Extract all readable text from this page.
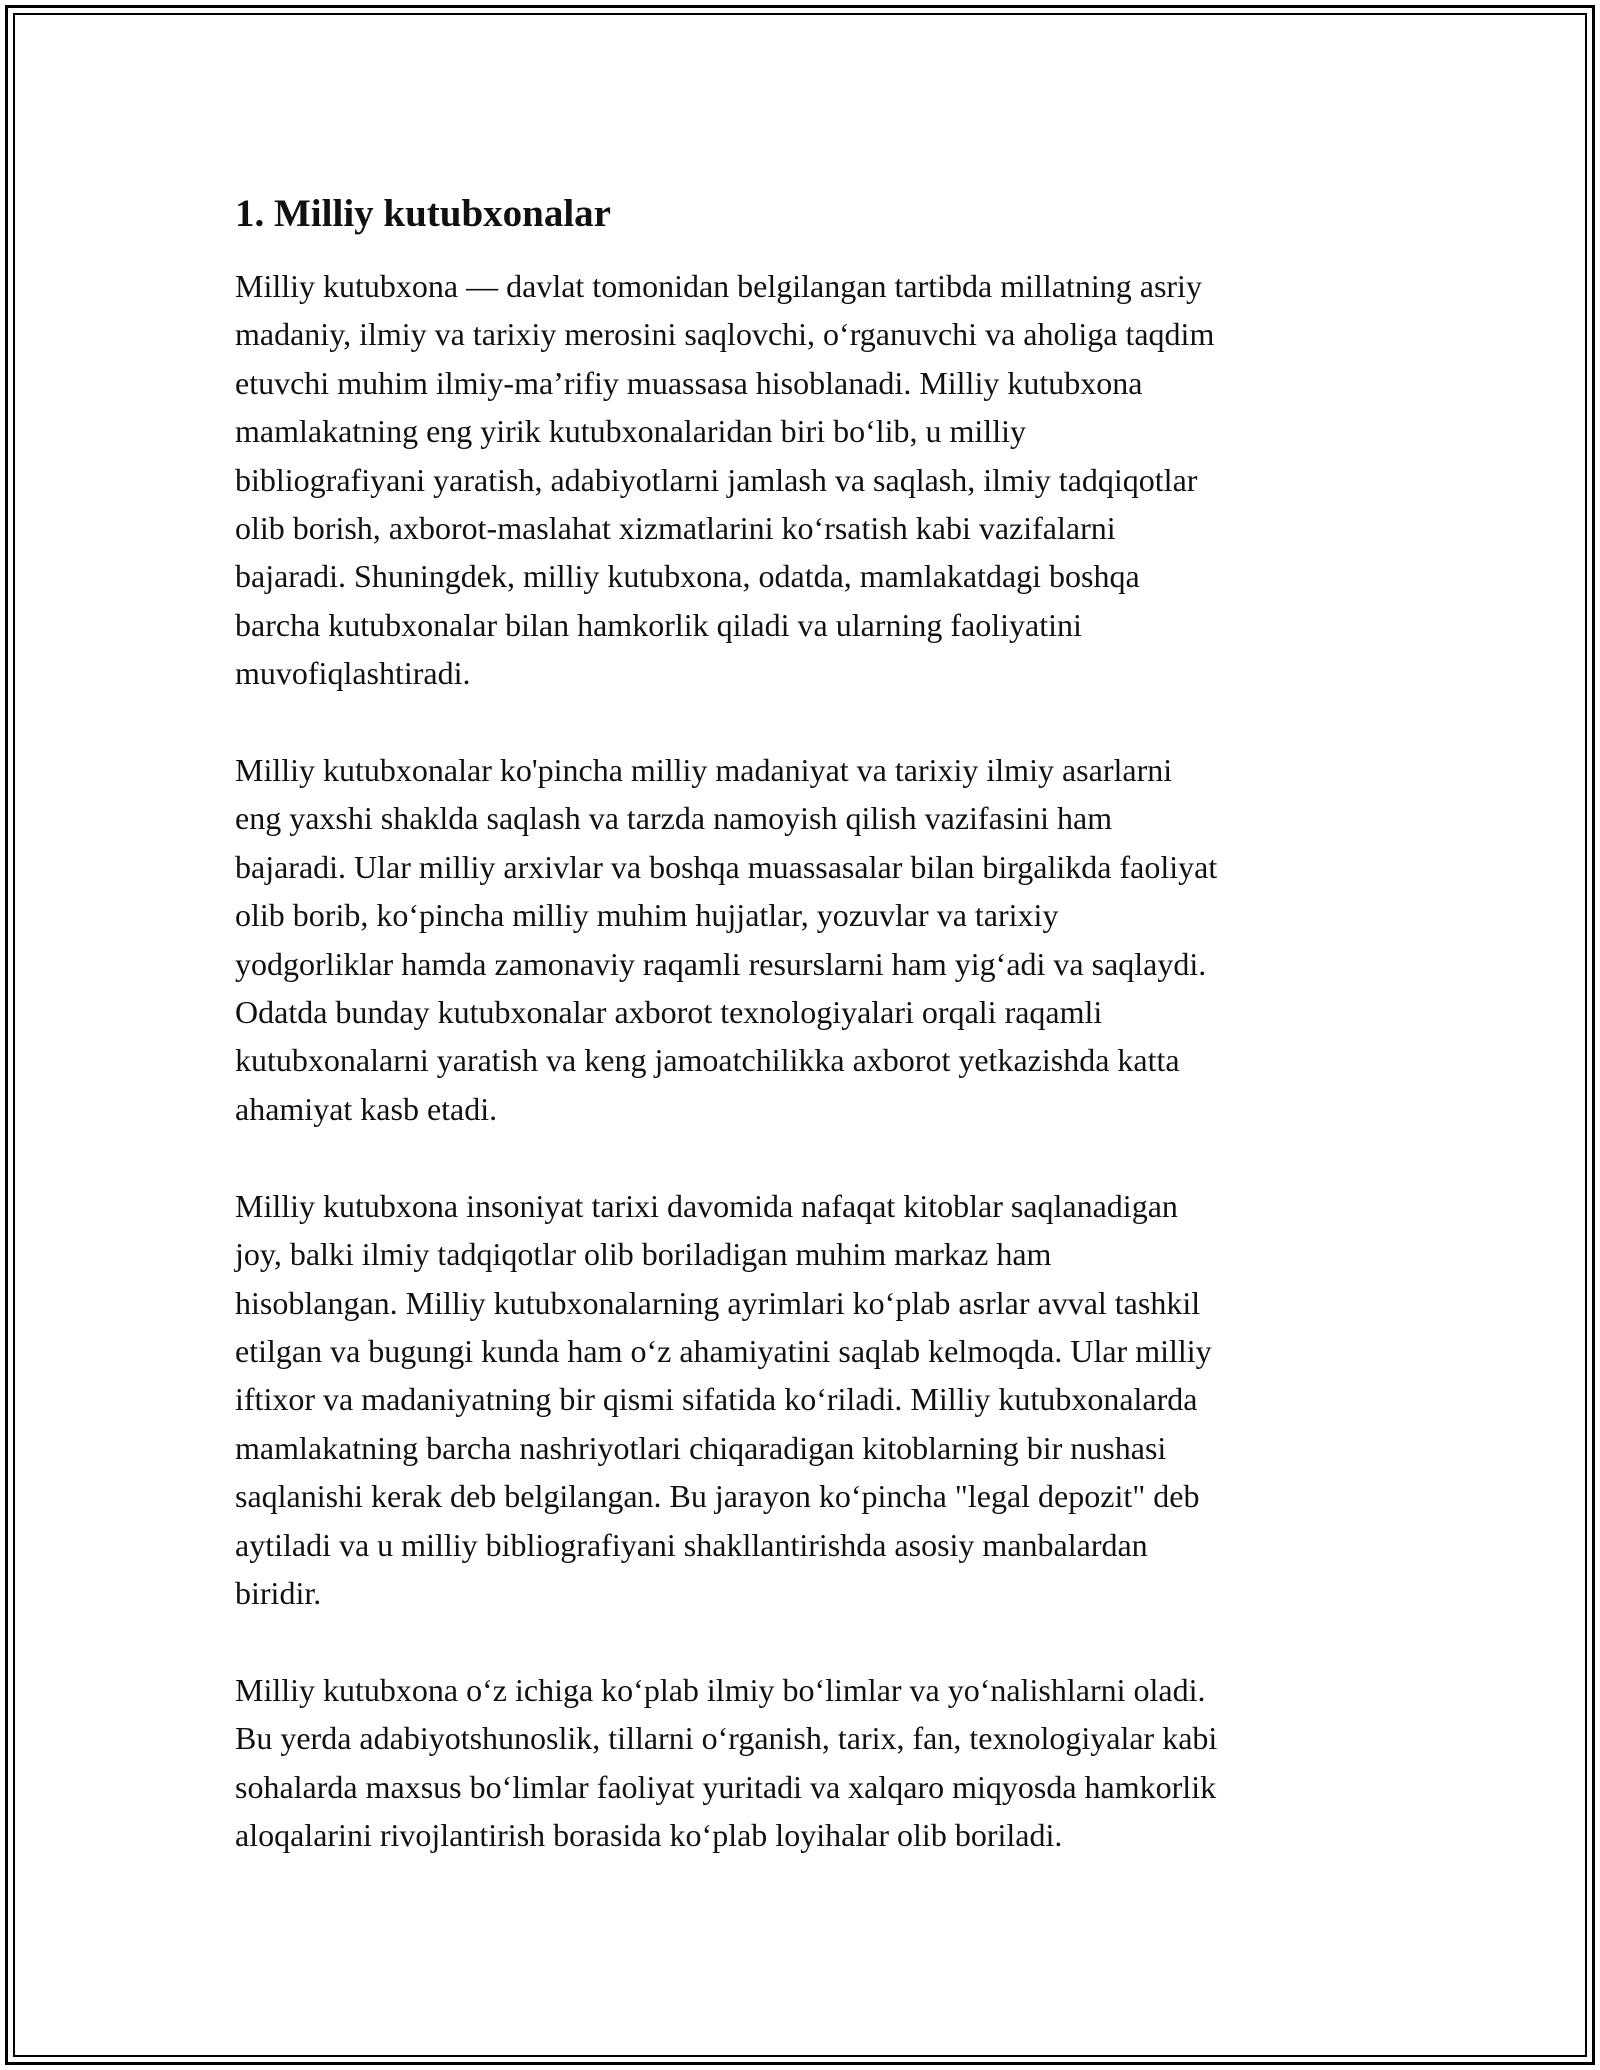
1. Milliy kutubxonalar

Milliy kutubxona — davlat tomonidan belgilangan tartibda millatning asriy
madaniy, ilmiy va tarixiy merosini saqlovchi, o‘rganuvchi va aholiga taqdim
etuvchi muhim ilmiy-ma’rifiy muassasa hisoblanadi. Milliy kutubxona
mamlakatning eng yirik kutubxonalaridan biri bo‘lib, u milliy
bibliografiyani yaratish, adabiyotlarni jamlash va saqlash, ilmiy tadqiqotlar
olib borish, axborot-maslahat xizmatlarini ko‘rsatish kabi vazifalarni
bajaradi. Shuningdek, milliy kutubxona, odatda, mamlakatdagi boshqa
barcha kutubxonalar bilan hamkorlik qiladi va ularning faoliyatini
muvofiqlashtiradi.

Milliy kutubxonalar ko'pincha milliy madaniyat va tarixiy ilmiy asarlarni
eng yaxshi shaklda saqlash va tarzda namoyish qilish vazifasini ham
bajaradi. Ular milliy arxivlar va boshqa muassasalar bilan birgalikda faoliyat
olib borib, ko‘pincha milliy muhim hujjatlar, yozuvlar va tarixiy
yodgorliklar hamda zamonaviy raqamli resurslarni ham yig‘adi va saqlaydi.
Odatda bunday kutubxonalar axborot texnologiyalari orqali raqamli
kutubxonalarni yaratish va keng jamoatchilikka axborot yetkazishda katta
ahamiyat kasb etadi.

Milliy kutubxona insoniyat tarixi davomida nafaqat kitoblar saqlanadigan
joy, balki ilmiy tadqiqotlar olib boriladigan muhim markaz ham
hisoblangan. Milliy kutubxonalarning ayrimlari ko‘plab asrlar avval tashkil
etilgan va bugungi kunda ham o‘z ahamiyatini saqlab kelmoqda. Ular milliy
iftixor va madaniyatning bir qismi sifatida ko‘riladi. Milliy kutubxonalarda
mamlakatning barcha nashriyotlari chiqaradigan kitoblarning bir nushasi
saqlanishi kerak deb belgilangan. Bu jarayon ko‘pincha "legal depozit" deb
aytiladi va u milliy bibliografiyani shakllantirishda asosiy manbalardan
biridir.

Milliy kutubxona o‘z ichiga ko‘plab ilmiy bo‘limlar va yo‘nalishlarni oladi.
Bu yerda adabiyotshunoslik, tillarni o‘rganish, tarix, fan, texnologiyalar kabi
sohalarda maxsus bo‘limlar faoliyat yuritadi va xalqaro miqyosda hamkorlik
aloqalarini rivojlantirish borasida ko‘plab loyihalar olib boriladi.
